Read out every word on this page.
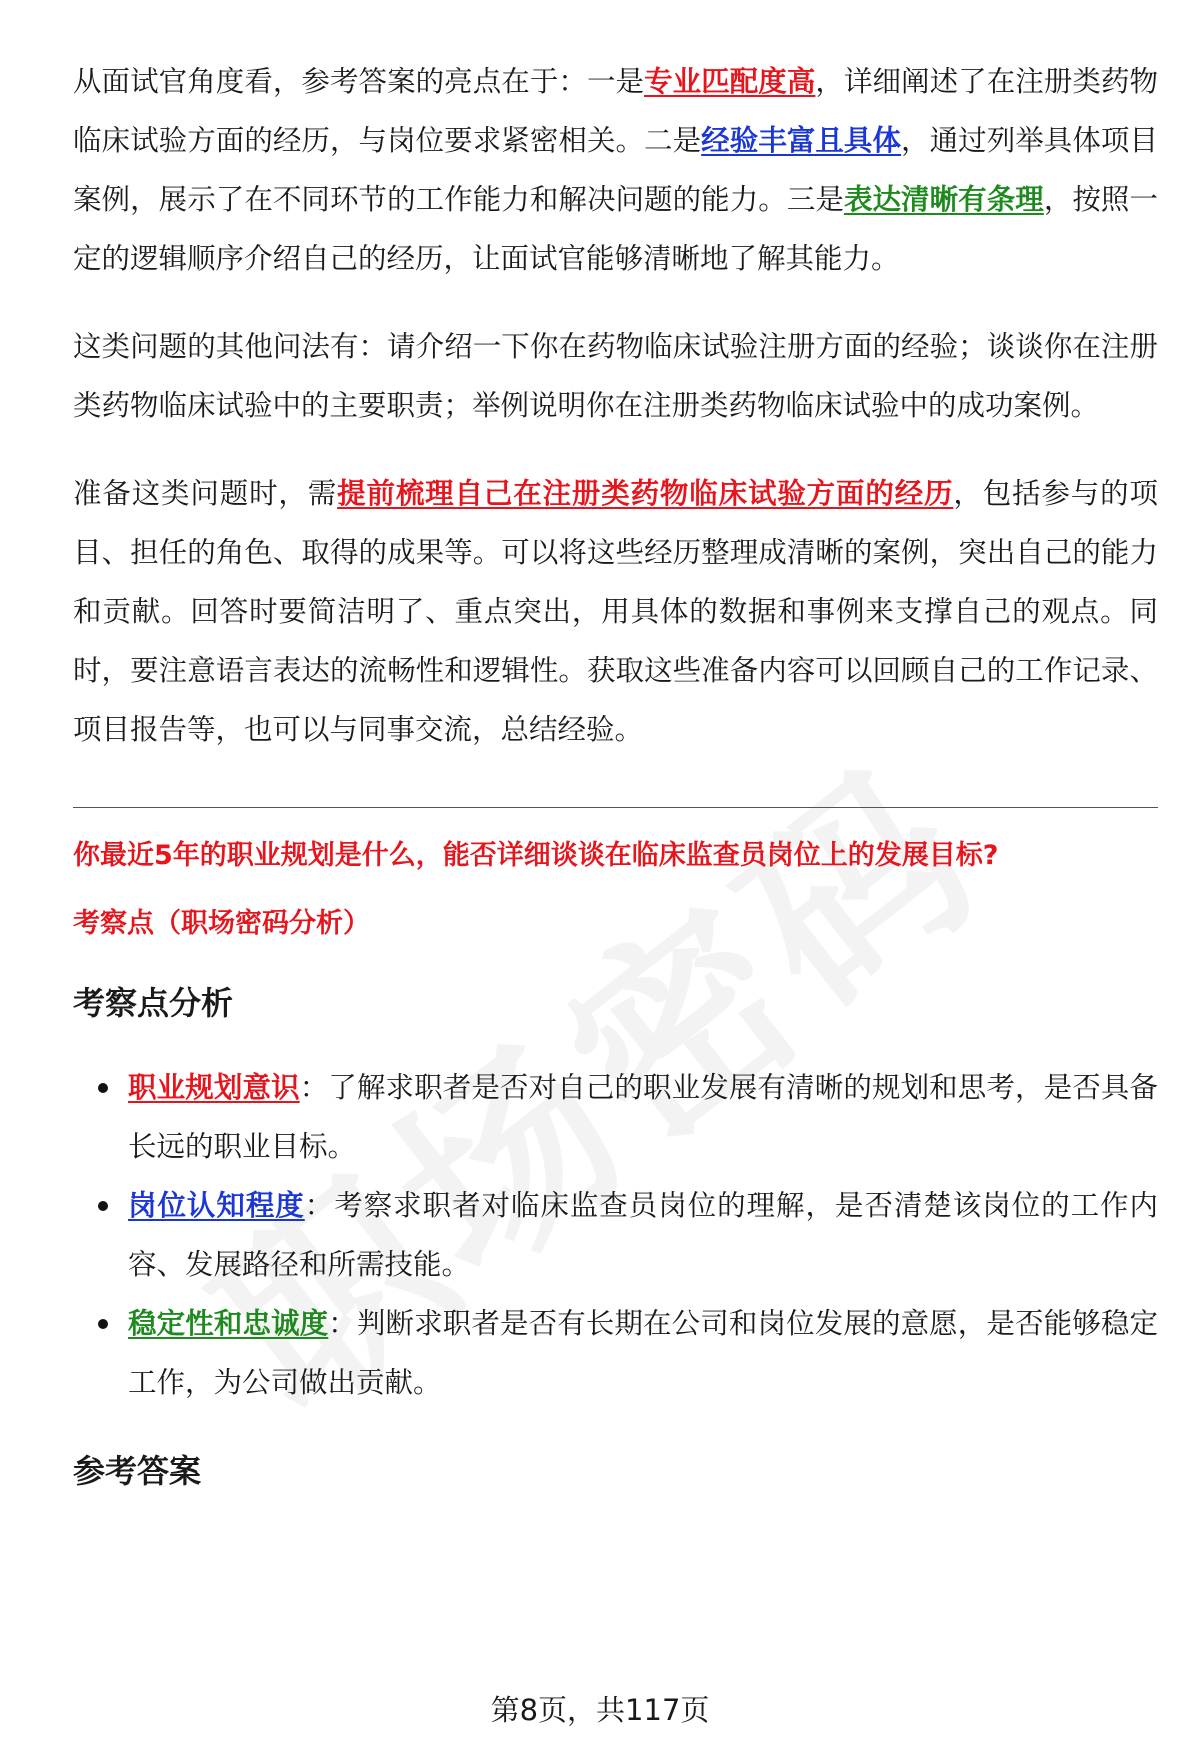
从面试官角度看，参考答案的亮点在于：一是专业匹配度高，详细阐述了在注册类药物临床试验方面的经历，与岗位要求紧密相关。二是经验丰富且具体，通过列举具体项目案例，展示了在不同环节的工作能力和解决问题的能力。三是表达清晰有条理，按照一定的逻辑顺序介绍自己的经历，让面试官能够清晰地了解其能力。

这类问题的其他问法有：请介绍一下你在药物临床试验注册方面的经验；谈谈你在注册类药物临床试验中的主要职责；举例说明你在注册类药物临床试验中的成功案例。

准备这类问题时，需提前梳理自己在注册类药物临床试验方面的经历，包括参与的项目、担任的角色、取得的成果等。可以将这些经历整理成清晰的案例，突出自己的能力和贡献。回答时要简洁明了、重点突出，用具体的数据和事例来支撑自己的观点。同时，要注意语言表达的流畅性和逻辑性。获取这些准备内容可以回顾自己的工作记录、项目报告等，也可以与同事交流，总结经验。

你最近5年的职业规划是什么，能否详细谈谈在临床监查员岗位上的发展目标?

考察点（职场密码分析）

考察点分析
职业规划意识：了解求职者是否对自己的职业发展有清晰的规划和思考，是否具备长远的职业目标。
岗位认知程度：考察求职者对临床监查员岗位的理解，是否清楚该岗位的工作内容、发展路径和所需技能。
稳定性和忠诚度：判断求职者是否有长期在公司和岗位发展的意愿，是否能够稳定工作，为公司做出贡献。
参考答案
第8页，共117页
